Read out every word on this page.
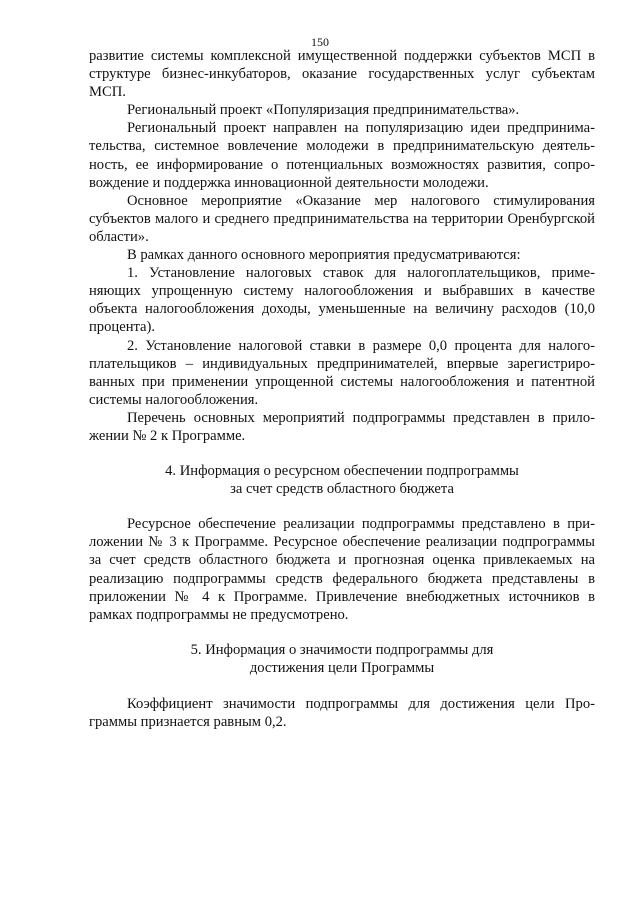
150

развитие системы комплексной имущественной поддержки субъектов МСП в структуре бизнес-инкубаторов, оказание государственных услуг субъектам МСП.

Региональный проект «Популяризация предпринимательства».

Региональный проект направлен на популяризацию идеи предпринимательства, системное вовлечение молодежи в предпринимательскую деятельность, ее информирование о потенциальных возможностях развития, сопровождение и поддержка инновационной деятельности молодежи.

Основное мероприятие «Оказание мер налогового стимулирования субъектов малого и среднего предпринимательства на территории Оренбургской области».

В рамках данного основного мероприятия предусматриваются:

1. Установление налоговых ставок для налогоплательщиков, применяющих упрощенную систему налогообложения и выбравших в качестве объекта налогообложения доходы, уменьшенные на величину расходов (10,0 процента).

2. Установление налоговой ставки в размере 0,0 процента для налогоплательщиков – индивидуальных предпринимателей, впервые зарегистрированных при применении упрощенной системы налогообложения и патентной системы налогообложения.

Перечень основных мероприятий подпрограммы представлен в приложении № 2 к Программе.

4. Информация о ресурсном обеспечении подпрограммы
за счет средств областного бюджета

Ресурсное обеспечение реализации подпрограммы представлено в приложении № 3 к Программе. Ресурсное обеспечение реализации подпрограммы за счет средств областного бюджета и прогнозная оценка привлекаемых на реализацию подпрограммы средств федерального бюджета представлены в приложении № 4 к Программе. Привлечение внебюджетных источников в рамках подпрограммы не предусмотрено.

5. Информация о значимости подпрограммы для
достижения цели Программы

Коэффициент значимости подпрограммы для достижения цели Программы признается равным 0,2.
